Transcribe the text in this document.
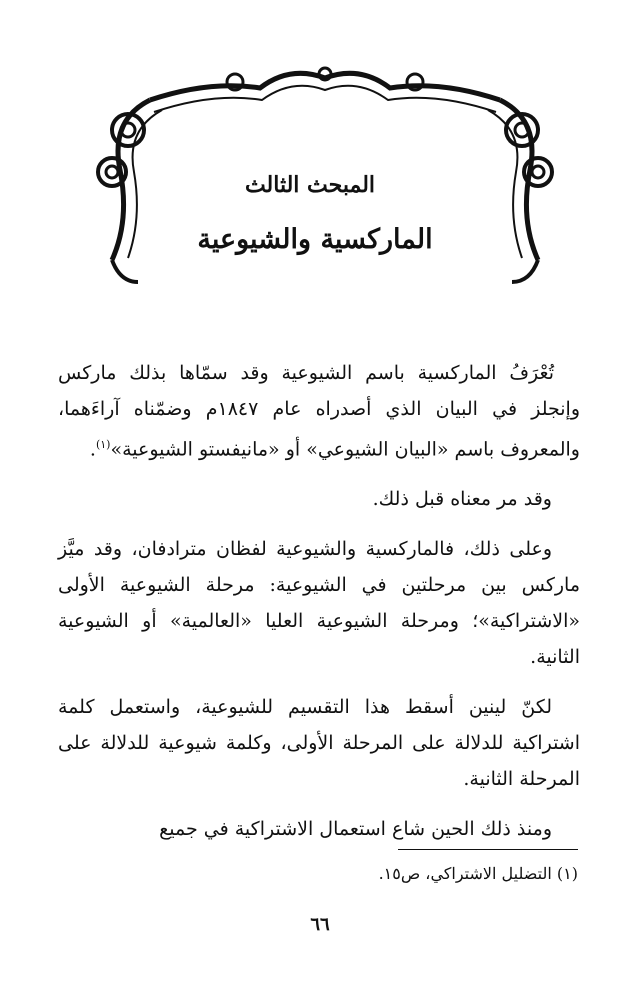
المبحث الثالث
الماركسية والشيوعية

تُعْرَفُ الماركسية باسم الشيوعية وقد سمّاها بذلك ماركس وإنجلز في البيان الذي أصدراه عام ١٨٤٧م وضمّناه آراءَهما، والمعروف باسم «البيان الشيوعي» أو «مانيفستو الشيوعية»$^{(١)}$.

وقد مر معناه قبل ذلك.

وعلى ذلك، فالماركسية والشيوعية لفظان مترادفان، وقد ميَّز ماركس بين مرحلتين في الشيوعية: مرحلة الشيوعية الأولى «الاشتراكية»؛ ومرحلة الشيوعية العليا «العالمية» أو الشيوعية الثانية.

لكنّ لينين أسقط هذا التقسيم للشيوعية، واستعمل كلمة اشتراكية للدلالة على المرحلة الأولى، وكلمة شيوعية للدلالة على المرحلة الثانية.

ومنذ ذلك الحين شاع استعمال الاشتراكية في جميع

(١) التضليل الاشتراكي، ص١٥.
٦٦
